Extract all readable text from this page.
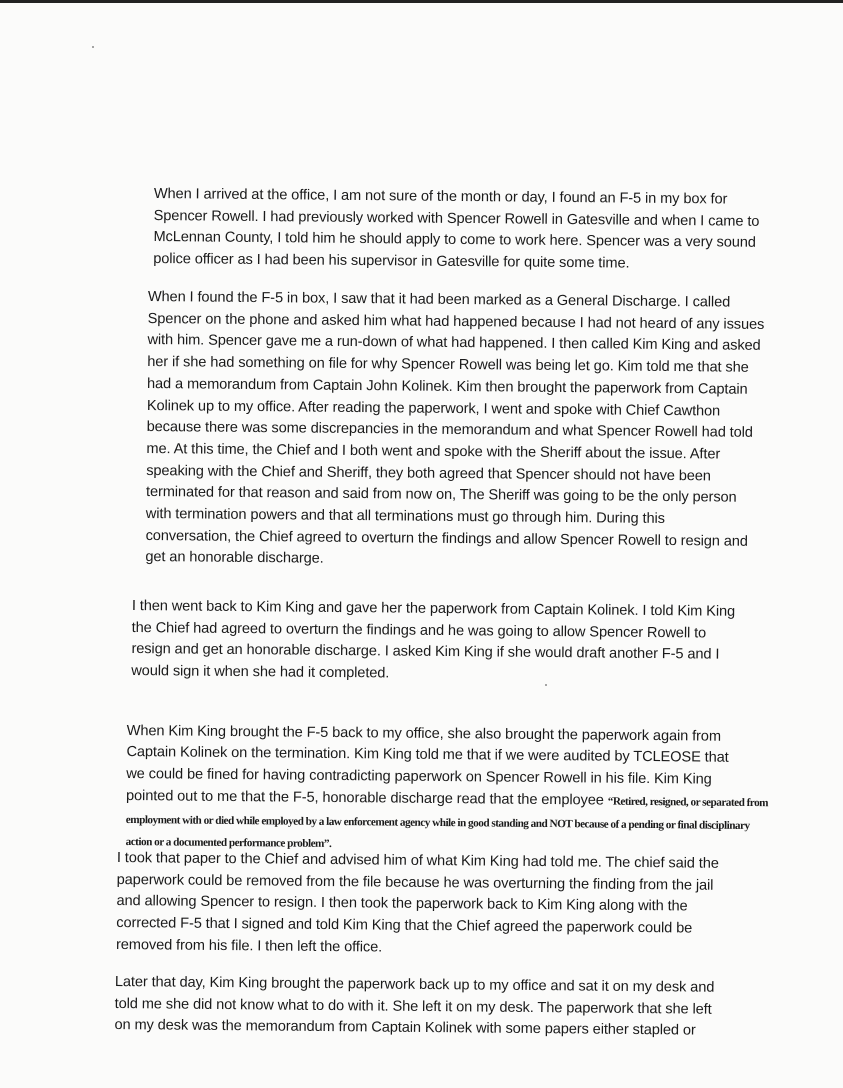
When I arrived at the office, I am not sure of the month or day, I found an F-5 in my box for
Spencer Rowell. I had previously worked with Spencer Rowell in Gatesville and when I came to
McLennan County, I told him he should apply to come to work here. Spencer was a very sound
police officer as I had been his supervisor in Gatesville for quite some time.

When I found the F-5 in box, I saw that it had been marked as a General Discharge. I called
Spencer on the phone and asked him what had happened because I had not heard of any issues
with him. Spencer gave me a run-down of what had happened. I then called Kim King and asked
her if she had something on file for why Spencer Rowell was being let go. Kim told me that she
had a memorandum from Captain John Kolinek. Kim then brought the paperwork from Captain
Kolinek up to my office. After reading the paperwork, I went and spoke with Chief Cawthon
because there was some discrepancies in the memorandum and what Spencer Rowell had told
me. At this time, the Chief and I both went and spoke with the Sheriff about the issue. After
speaking with the Chief and Sheriff, they both agreed that Spencer should not have been
terminated for that reason and said from now on, The Sheriff was going to be the only person
with termination powers and that all terminations must go through him. During this
conversation, the Chief agreed to overturn the findings and allow Spencer Rowell to resign and
get an honorable discharge.

I then went back to Kim King and gave her the paperwork from Captain Kolinek. I told Kim King
the Chief had agreed to overturn the findings and he was going to allow Spencer Rowell to
resign and get an honorable discharge. I asked Kim King if she would draft another F-5 and I
would sign it when she had it completed.

When Kim King brought the F-5 back to my office, she also brought the paperwork again from
Captain Kolinek on the termination. Kim King told me that if we were audited by TCLEOSE that
we could be fined for having contradicting paperwork on Spencer Rowell in his file. Kim King
pointed out to me that the F-5, honorable discharge read that the employee “Retired, resigned, or separated from employment with or died while employed by a law enforcement agency while in good standing and NOT because of a pending or final disciplinary action or a documented performance problem”.

I took that paper to the Chief and advised him of what Kim King had told me. The chief said the
paperwork could be removed from the file because he was overturning the finding from the jail
and allowing Spencer to resign. I then took the paperwork back to Kim King along with the
corrected F-5 that I signed and told Kim King that the Chief agreed the paperwork could be
removed from his file. I then left the office.

Later that day, Kim King brought the paperwork back up to my office and sat it on my desk and
told me she did not know what to do with it. She left it on my desk. The paperwork that she left
on my desk was the memorandum from Captain Kolinek with some papers either stapled or
